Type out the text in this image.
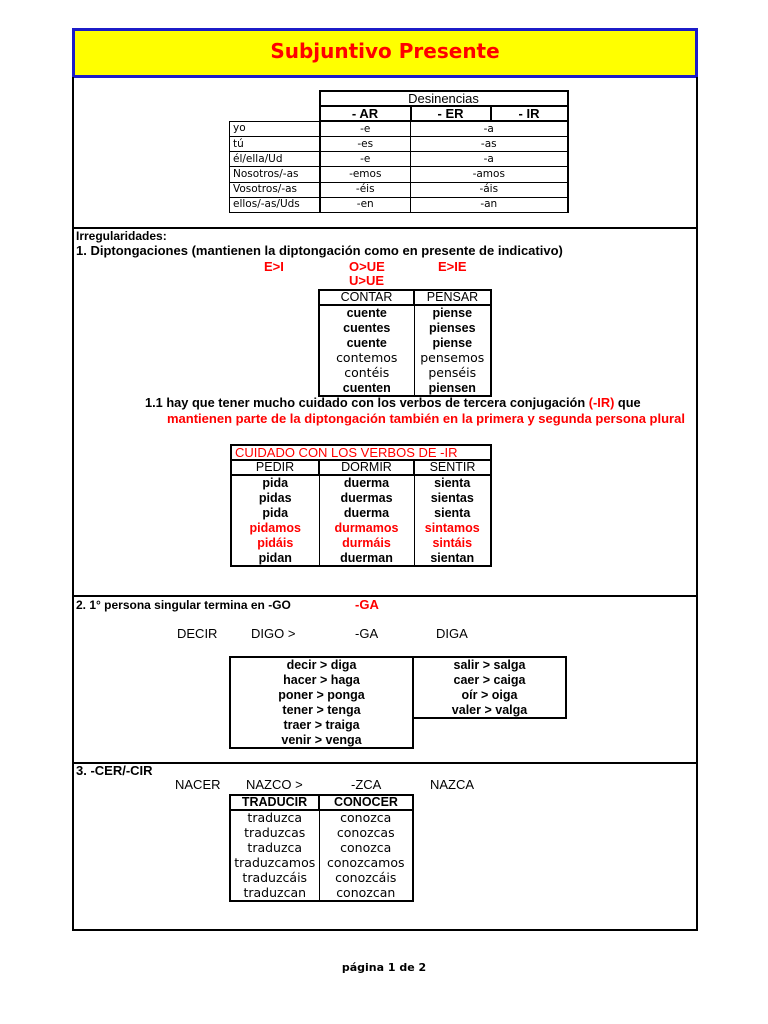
Subjuntivo Presente
	Desinencias		
	- AR	- ER	- IR
yo	-e	-a	
tú	-es	-as	
él/ella/Ud	-e	-a	
Nosotros/-as	-emos	-amos	
Vosotros/-as	-éis	-áis	
ellos/-as/Uds	-en	-an	
Irregularidades:
1. Diptongaciones (mantienen la diptongación como en presente de indicativo)
E>I	O>UE	E>IE
U>UE
CONTAR	PENSAR
cuente	piense
cuentes	pienses
cuente	piense
contemos	pensemos
contéis	penséis
cuenten	piensen
1.1 hay que tener mucho cuidado con los verbos de tercera conjugación (-IR) que
mantienen parte de la diptongación también en la primera y segunda persona plural
CUIDADO CON LOS VERBOS DE -IR		
PEDIR	DORMIR	SENTIR
pida	duerma	sienta
pidas	duermas	sientas
pida	duerma	sienta
pidamos	durmamos	sintamos
pidáis	durmáis	sintáis
pidan	duerman	sientan
2. 1° persona singular termina en -GO	-GA
DECIR	DIGO >	-GA	DIGA
decir > diga
hacer > haga
poner > ponga
tener > tenga
traer > traiga
venir > venga
salir > salga
caer > caiga
oír > oiga
valer > valga
3. -CER/-CIR
NACER NAZCO >	-ZCA	NAZCA
TRADUCIR	CONOCER
traduzca	conozca
traduzcas	conozcas
traduzca	conozca
traduzcamos	conozcamos
traduzcáis	conozcáis
traduzcan	conozcan
página 1 de 2
